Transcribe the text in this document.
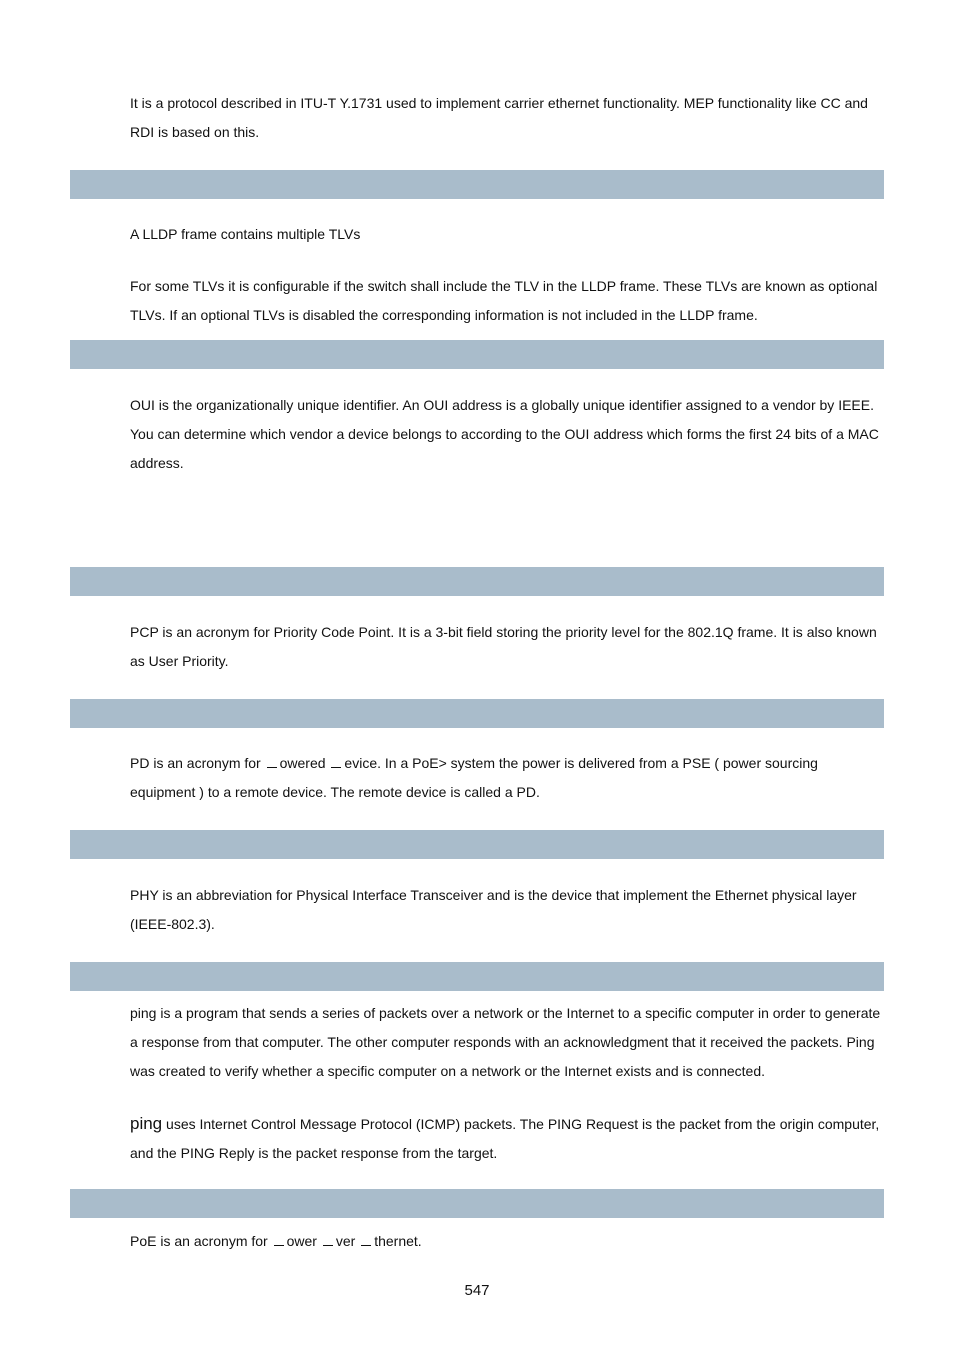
It is a protocol described in ITU-T Y.1731 used to implement carrier ethernet functionality. MEP functionality like CC and RDI is based on this.

A LLDP frame contains multiple TLVs

For some TLVs it is configurable if the switch shall include the TLV in the LLDP frame. These TLVs are known as optional TLVs. If an optional TLVs is disabled the corresponding information is not included in the LLDP frame.

OUI is the organizationally unique identifier. An OUI address is a globally unique identifier assigned to a vendor by IEEE. You can determine which vendor a device belongs to according to the OUI address which forms the first 24 bits of a MAC address.

PCP is an acronym for Priority Code Point. It is a 3-bit field storing the priority level for the 802.1Q frame. It is also known as User Priority.

PD is an acronym for owered evice. In a PoE> system the power is delivered from a PSE ( power sourcing equipment ) to a remote device. The remote device is called a PD.

PHY is an abbreviation for Physical Interface Transceiver and is the device that implement the Ethernet physical layer (IEEE-802.3).

ping is a program that sends a series of packets over a network or the Internet to a specific computer in order to generate a response from that computer. The other computer responds with an acknowledgment that it received the packets. Ping was created to verify whether a specific computer on a network or the Internet exists and is connected.

ping uses Internet Control Message Protocol (ICMP) packets. The PING Request is the packet from the origin computer, and the PING Reply is the packet response from the target.

PoE is an acronym for ower ver thernet.

547
